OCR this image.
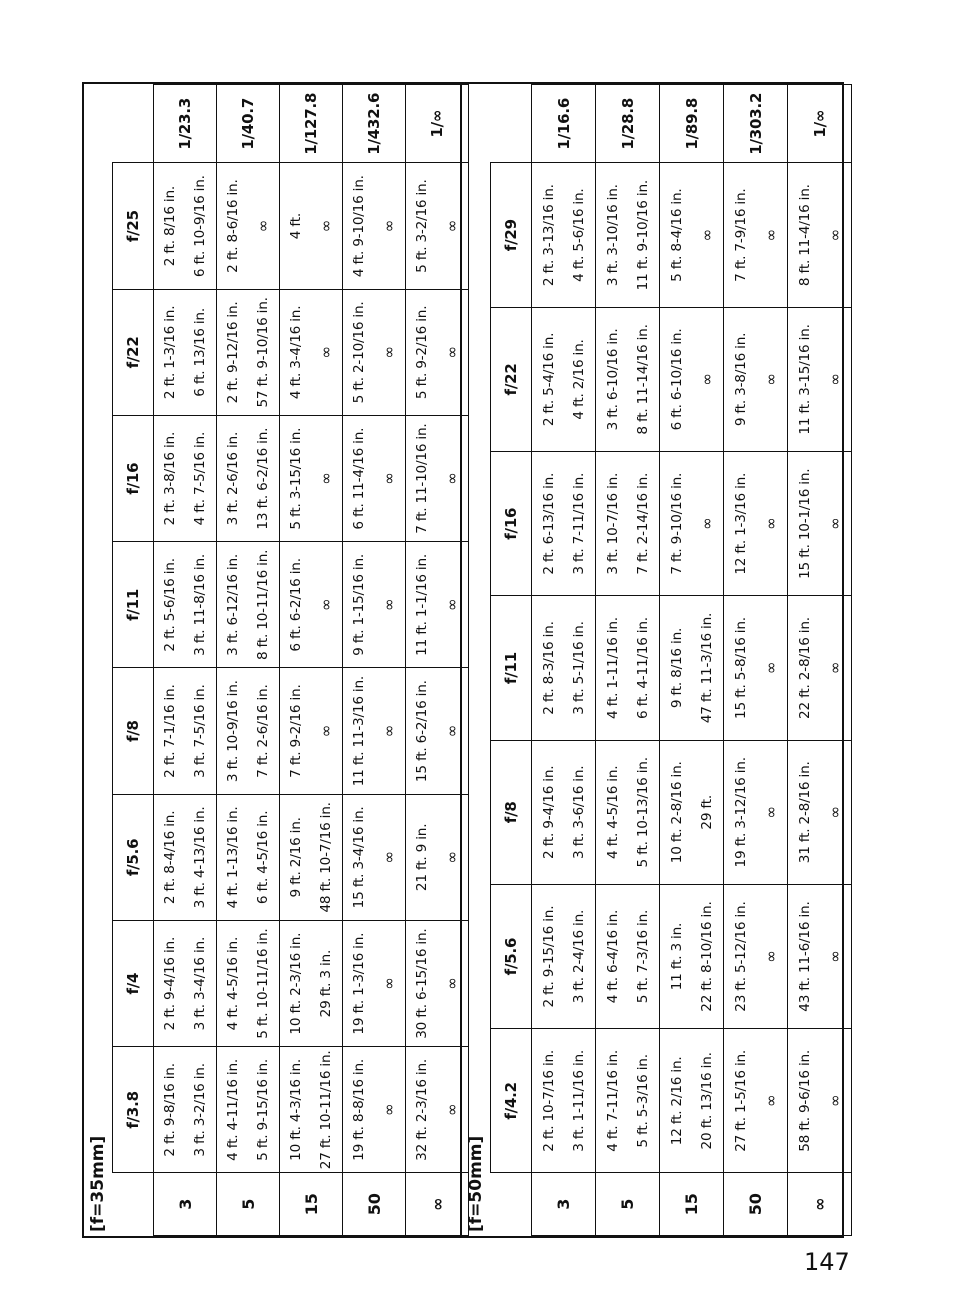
[f=35mm]
	f/3.8	f/4	f/5.6	f/8	f/11	f/16	f/22	f/25	
3	2 ft. 9-8/16 in. 3 ft. 3-2/16 in.	2 ft. 9-4/16 in. 3 ft. 3-4/16 in.	2 ft. 8-4/16 in. 3 ft. 4-13/16 in.	2 ft. 7-1/16 in. 3 ft. 7-5/16 in.	2 ft. 5-6/16 in. 3 ft. 11-8/16 in.	2 ft. 3-8/16 in. 4 ft. 7-5/16 in.	2 ft. 1-3/16 in. 6 ft. 13/16 in.	2 ft. 8/16 in. 6 ft. 10-9/16 in.	1/23.3
5	4 ft. 4-11/16 in. 5 ft. 9-15/16 in.	4 ft. 4-5/16 in. 5 ft. 10-11/16 in.	4 ft. 1-13/16 in. 6 ft. 4-5/16 in.	3 ft. 10-9/16 in. 7 ft. 2-6/16 in.	3 ft. 6-12/16 in. 8 ft. 10-11/16 in.	3 ft. 2-6/16 in. 13 ft. 6-2/16 in.	2 ft. 9-12/16 in. 57 ft. 9-10/16 in.	2 ft. 8-6/16 in. ∞	1/40.7
15	10 ft. 4-3/16 in. 27 ft. 10-11/16 in.	10 ft. 2-3/16 in. 29 ft. 3 in.	9 ft. 2/16 in. 48 ft. 10-7/16 in.	7 ft. 9-2/16 in. ∞	6 ft. 6-2/16 in. ∞	5 ft. 3-15/16 in. ∞	4 ft. 3-4/16 in. ∞	4 ft. ∞	1/127.8
50	19 ft. 8-8/16 in. ∞	19 ft. 1-3/16 in. ∞	15 ft. 3-4/16 in. ∞	11 ft. 11-3/16 in. ∞	9 ft. 1-15/16 in. ∞	6 ft. 11-4/16 in. ∞	5 ft. 2-10/16 in. ∞	4 ft. 9-10/16 in. ∞	1/432.6
∞	32 ft. 2-3/16 in. ∞	30 ft. 6-15/16 in. ∞	21 ft. 9 in. ∞	15 ft. 6-2/16 in. ∞	11 ft. 1-1/16 in. ∞	7 ft. 11-10/16 in. ∞	5 ft. 9-2/16 in. ∞	5 ft. 3-2/16 in. ∞	1/∞
[f=50mm]
	f/4.2	f/5.6	f/8	f/11	f/16	f/22	f/29	
3	2 ft. 10-7/16 in. 3 ft. 1-11/16 in.	2 ft. 9-15/16 in. 3 ft. 2-4/16 in.	2 ft. 9-4/16 in. 3 ft. 3-6/16 in.	2 ft. 8-3/16 in. 3 ft. 5-1/16 in.	2 ft. 6-13/16 in. 3 ft. 7-11/16 in.	2 ft. 5-4/16 in. 4 ft. 2/16 in.	2 ft. 3-13/16 in. 4 ft. 5-6/16 in.	1/16.6
5	4 ft. 7-11/16 in. 5 ft. 5-3/16 in.	4 ft. 6-4/16 in. 5 ft. 7-3/16 in.	4 ft. 4-5/16 in. 5 ft. 10-13/16 in.	4 ft. 1-11/16 in. 6 ft. 4-11/16 in.	3 ft. 10-7/16 in. 7 ft. 2-14/16 in.	3 ft. 6-10/16 in. 8 ft. 11-14/16 in.	3 ft. 3-10/16 in. 11 ft. 9-10/16 in.	1/28.8
15	12 ft. 2/16 in. 20 ft. 13/16 in.	11 ft. 3 in. 22 ft. 8-10/16 in.	10 ft. 2-8/16 in. 29 ft.	9 ft. 8/16 in. 47 ft. 11-3/16 in.	7 ft. 9-10/16 in. ∞	6 ft. 6-10/16 in. ∞	5 ft. 8-4/16 in. ∞	1/89.8
50	27 ft. 1-5/16 in. ∞	23 ft. 5-12/16 in. ∞	19 ft. 3-12/16 in. ∞	15 ft. 5-8/16 in. ∞	12 ft. 1-3/16 in. ∞	9 ft. 3-8/16 in. ∞	7 ft. 7-9/16 in. ∞	1/303.2
∞	58 ft. 9-6/16 in. ∞	43 ft. 11-6/16 in. ∞	31 ft. 2-8/16 in. ∞	22 ft. 2-8/16 in. ∞	15 ft. 10-1/16 in. ∞	11 ft. 3-15/16 in. ∞	8 ft. 11-4/16 in. ∞	1/∞
147
